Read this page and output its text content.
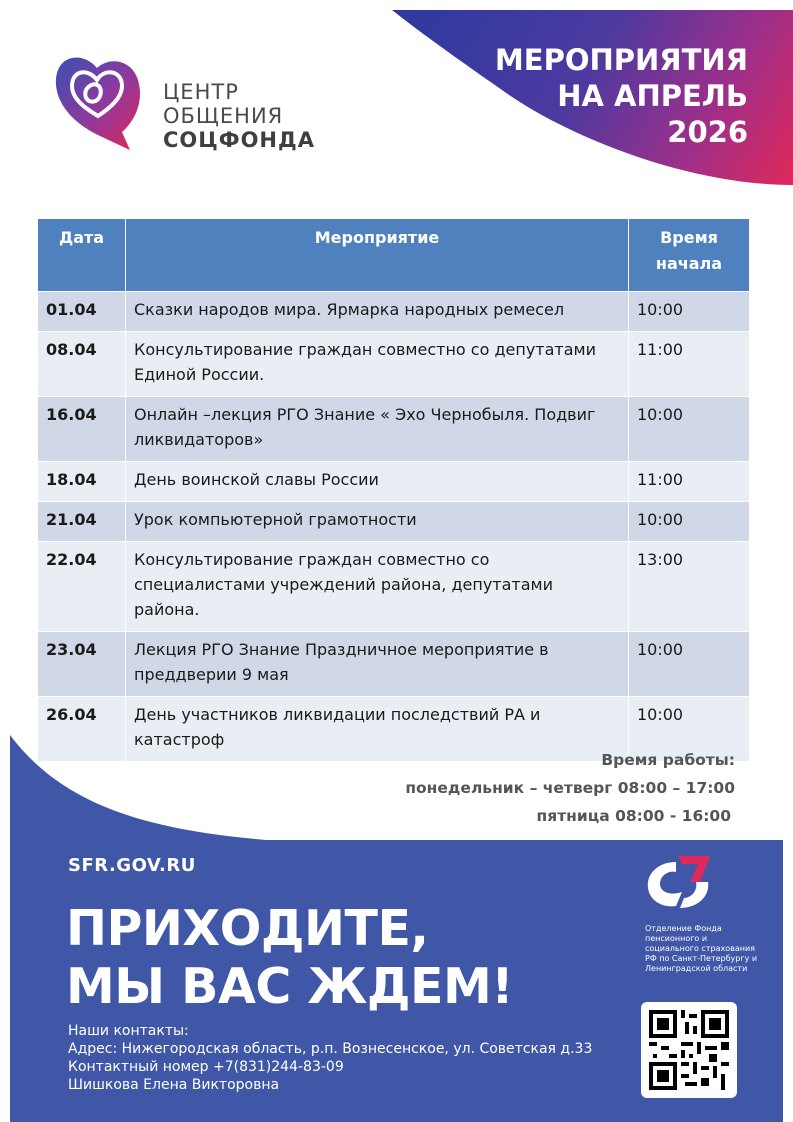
МЕРОПРИЯТИЯ
НА АПРЕЛЬ
2026
ЦЕНТР
ОБЩЕНИЯ
СОЦФОНДА
Дата	Мероприятие	Время
начала
01.04	Сказки народов мира. Ярмарка народных ремесел	10:00
08.04	Консультирование граждан совместно со депутатами Единой России.	11:00
16.04	Онлайн –лекция РГО Знание « Эхо Чернобыля. Подвиг ликвидаторов»	10:00
18.04	День воинской славы России	11:00
21.04	Урок компьютерной грамотности	10:00
22.04	Консультирование граждан совместно со специалистами учреждений района, депутатами района.	13:00
23.04	Лекция РГО Знание Праздничное мероприятие в преддверии 9 мая	10:00
26.04	День участников ликвидации последствий РА и катастроф	10:00
Время работы:
понедельник – четверг 08:00 – 17:00
пятница 08:00 - 16:00
SFR.GOV.RU
ПРИХОДИТЕ,
МЫ ВАС ЖДЕМ!
Наши контакты:
Адрес: Нижегородская область, р.п. Вознесенское, ул. Советская д.33
Контактный номер +7(831)244-83-09
Шишкова Елена Викторовна
Отделение Фонда пенсионного и социального страхования РФ по Санкт-Петербургу и Ленинградской области
